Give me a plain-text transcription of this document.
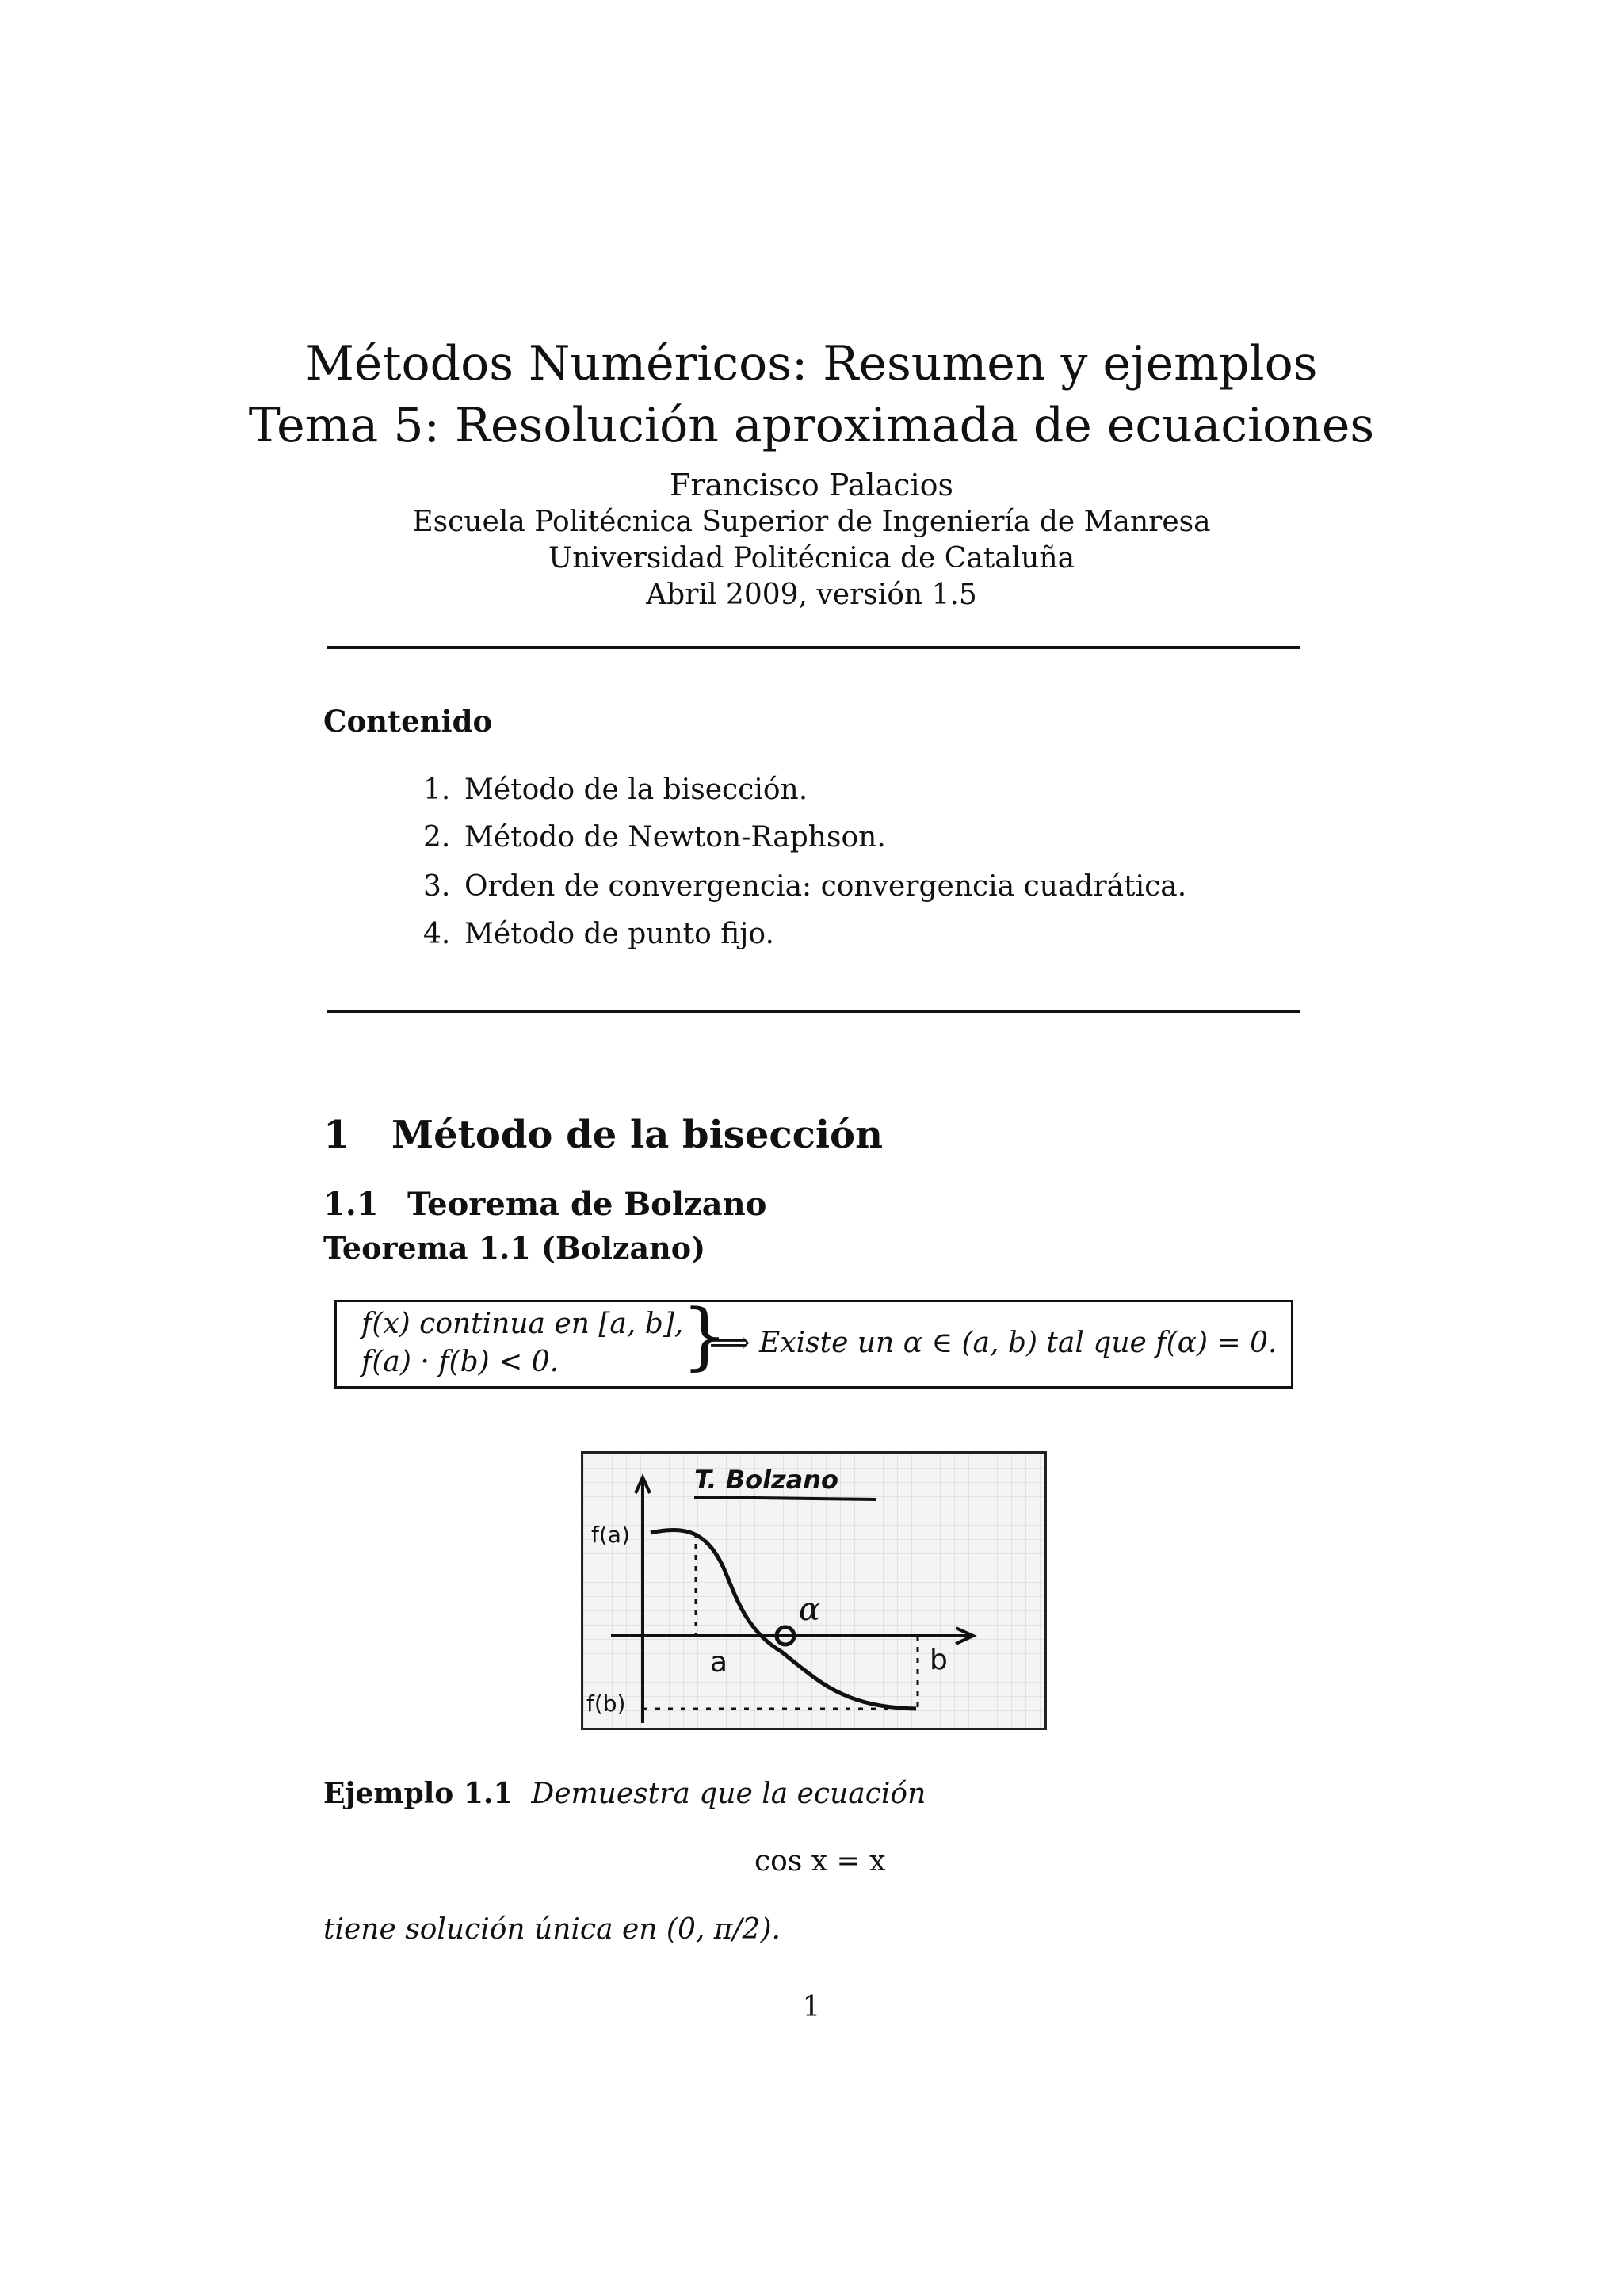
Métodos Numéricos: Resumen y ejemplos
Tema 5: Resolución aproximada de ecuaciones
Francisco Palacios
Escuela Politécnica Superior de Ingeniería de Manresa
Universidad Politécnica de Cataluña
Abril 2009, versión 1.5
Contenido
1. Método de la bisección.
2. Método de Newton-Raphson.
3. Orden de convergencia: convergencia cuadrática.
4. Método de punto fijo.
1 Método de la bisección
1.1 Teorema de Bolzano
Teorema 1.1 (Bolzano)
f(x) continua en [a, b],
f(a) · f(b) < 0. }
⟹ Existe un α ∈ (a, b) tal que f(α) = 0.
T. Bolzano
f(a)
f(b)
a	b
α
Ejemplo 1.1 Demuestra que la ecuación
cos x = x
tiene solución única en (0, π/2).
1
